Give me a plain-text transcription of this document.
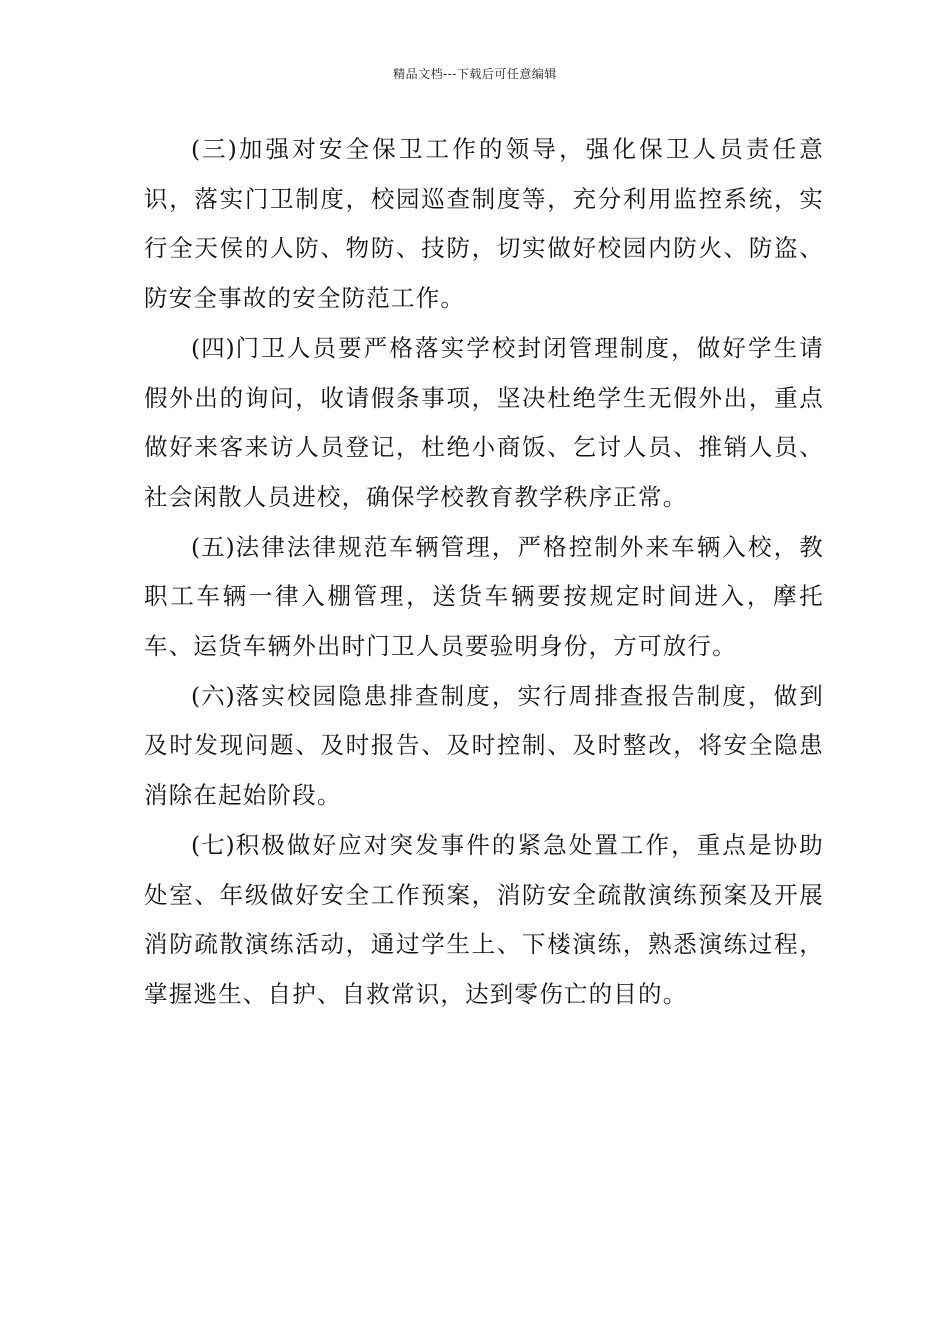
精品文档---下载后可任意编辑

(三)加强对安全保卫工作的领导，强化保卫人员责任意识，落实门卫制度，校园巡查制度等，充分利用监控系统，实行全天侯的人防、物防、技防，切实做好校园内防火、防盗、防安全事故的安全防范工作。

(四)门卫人员要严格落实学校封闭管理制度，做好学生请假外出的询问，收请假条事项，坚决杜绝学生无假外出，重点做好来客来访人员登记，杜绝小商饭、乞讨人员、推销人员、社会闲散人员进校，确保学校教育教学秩序正常。

(五)法律法律规范车辆管理，严格控制外来车辆入校，教职工车辆一律入棚管理，送货车辆要按规定时间进入，摩托车、运货车辆外出时门卫人员要验明身份，方可放行。

(六)落实校园隐患排查制度，实行周排查报告制度，做到及时发现问题、及时报告、及时控制、及时整改，将安全隐患消除在起始阶段。

(七)积极做好应对突发事件的紧急处置工作，重点是协助处室、年级做好安全工作预案，消防安全疏散演练预案及开展消防疏散演练活动，通过学生上、下楼演练，熟悉演练过程，掌握逃生、自护、自救常识，达到零伤亡的目的。
